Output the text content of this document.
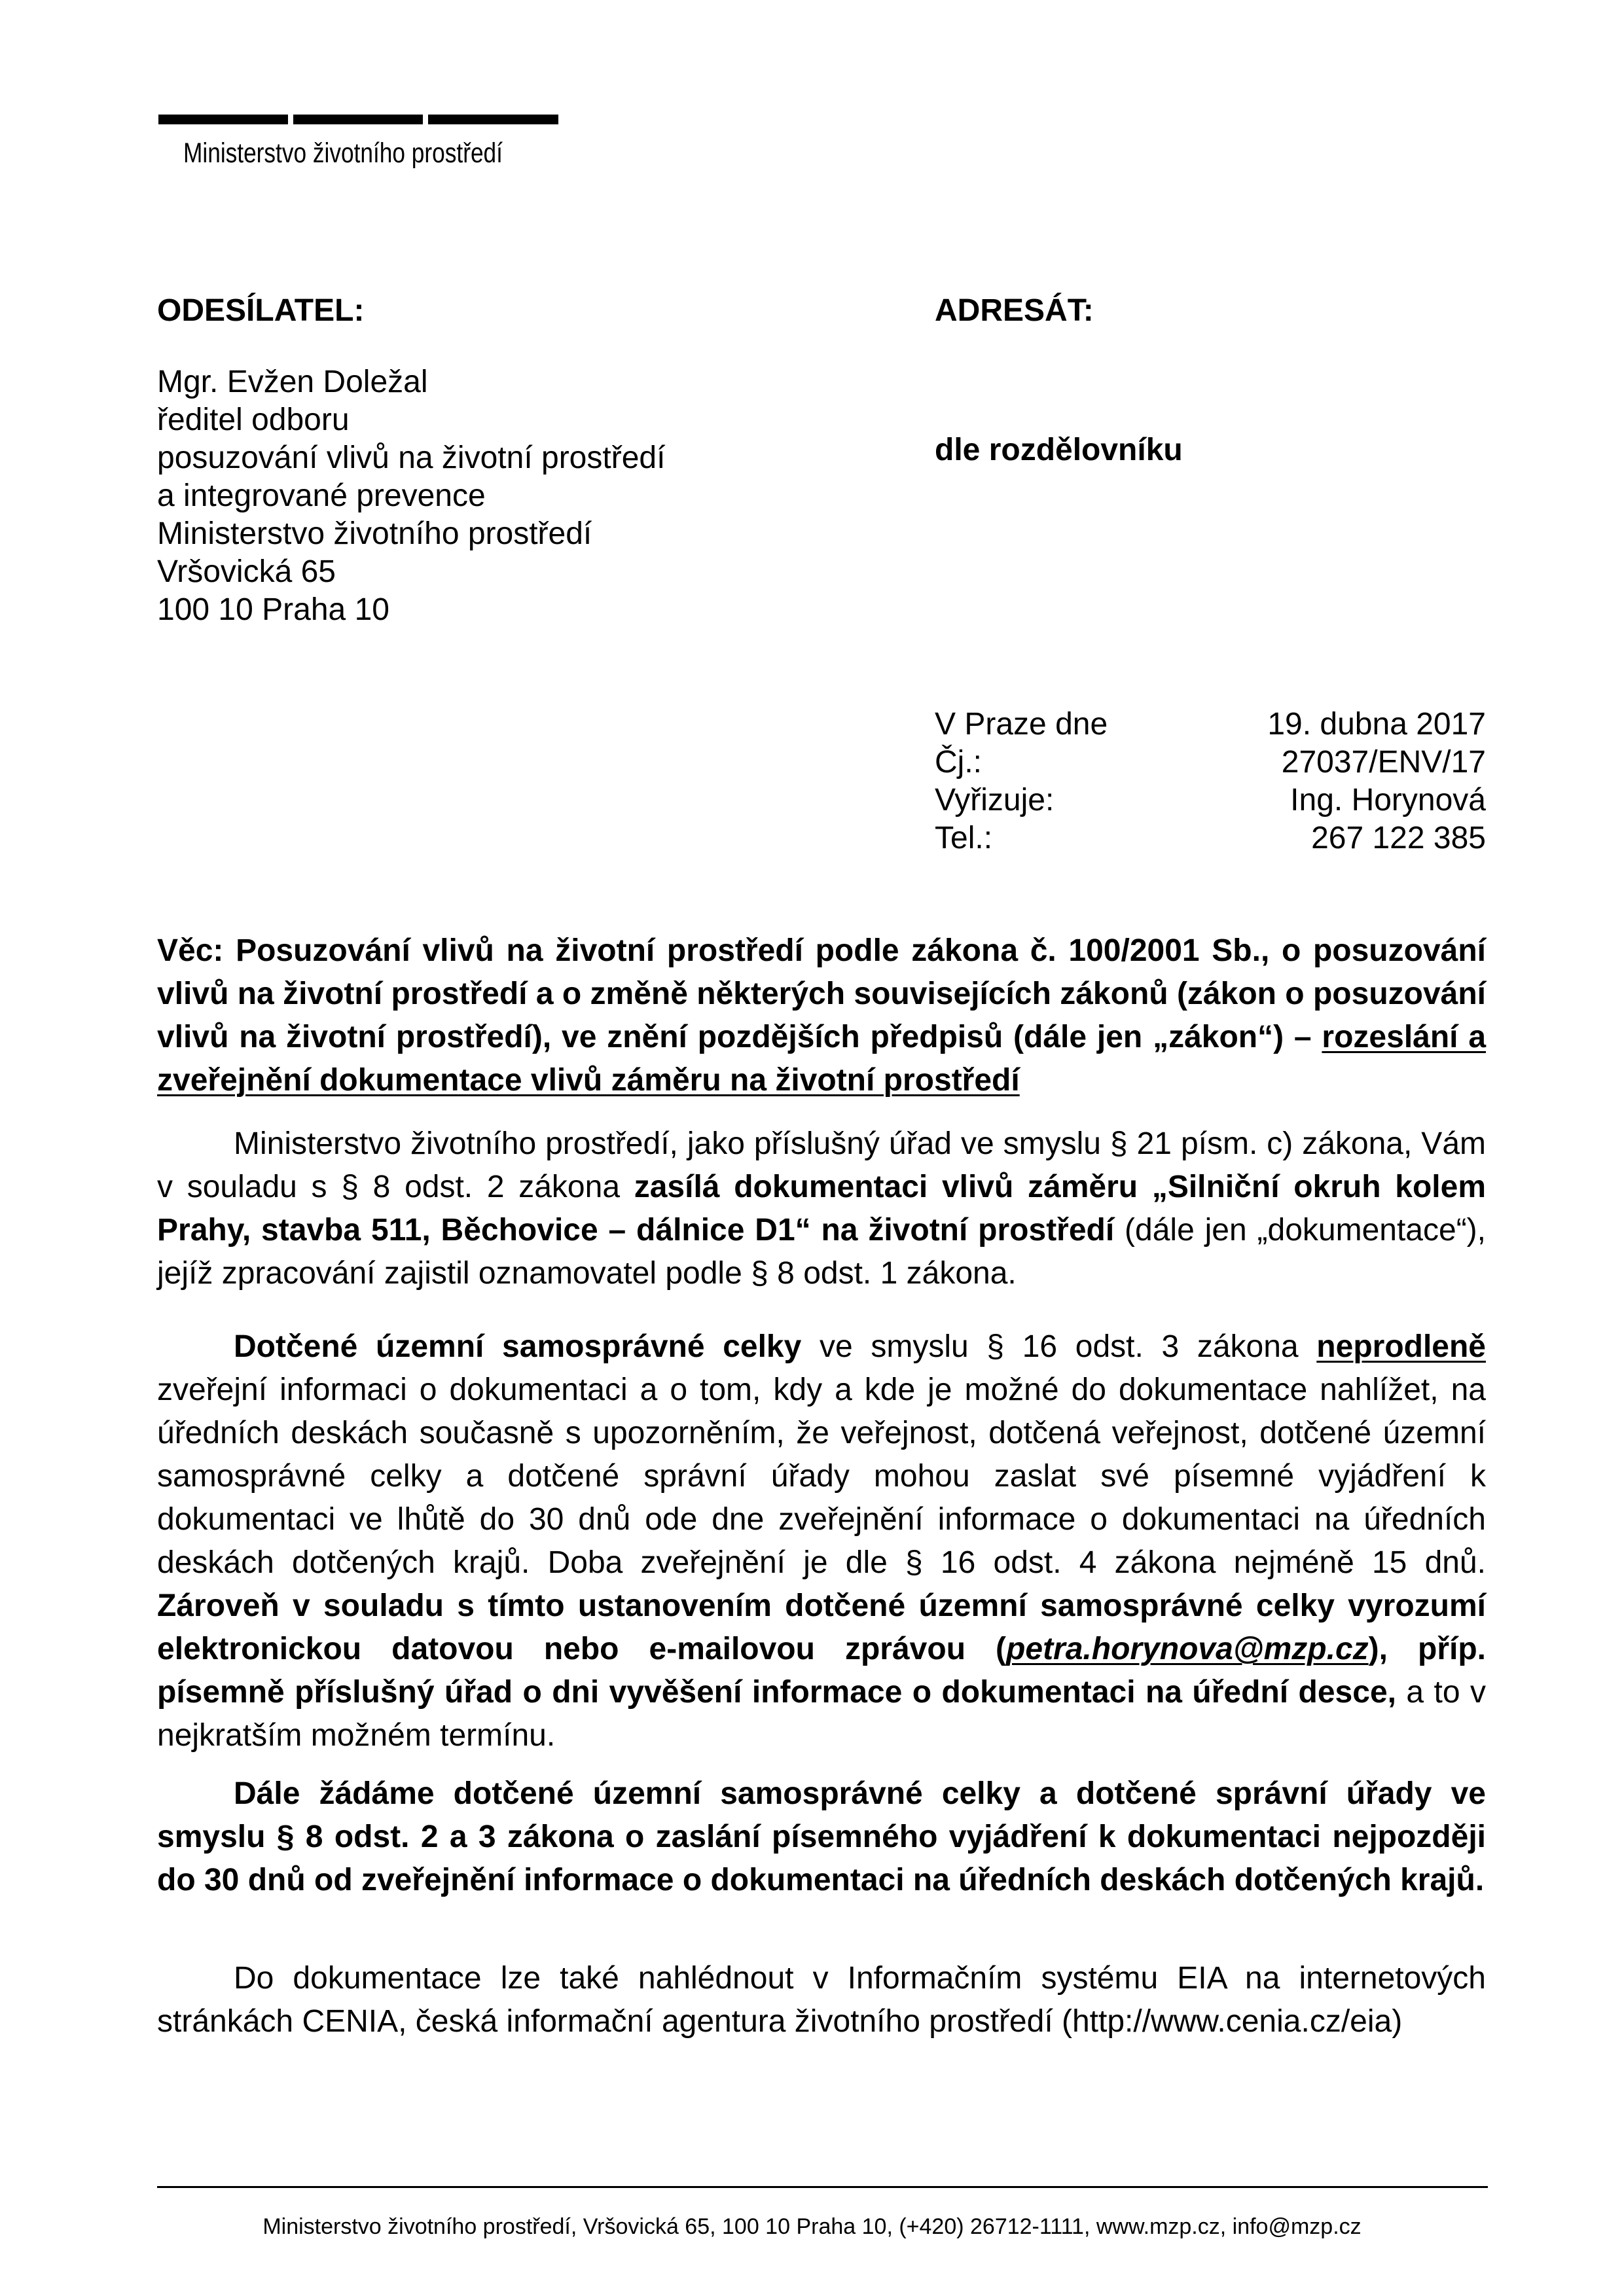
Ministerstvo životního prostředí
ODESÍLATEL:	ADRESÁT:
Mgr. Evžen Doležal
ředitel odboru
posuzování vlivů na životní prostředí
a integrované prevence
Ministerstvo životního prostředí
Vršovická 65
100 10 Praha 10
dle rozdělovníku
V Praze dne	19. dubna 2017
Čj.:	27037/ENV/17
Vyřizuje:	Ing. Horynová
Tel.:	267 122 385
Věc: Posuzování vlivů na životní prostředí podle zákona č. 100/2001 Sb., o posuzování vlivů na životní prostředí a o změně některých souvisejících zákonů (zákon o posuzování vlivů na životní prostředí), ve znění pozdějších předpisů (dále jen „zákon“) – rozeslání a zveřejnění dokumentace vlivů záměru na životní prostředí
Ministerstvo životního prostředí, jako příslušný úřad ve smyslu § 21 písm. c) zákona, Vám v souladu s § 8 odst. 2 zákona zasílá dokumentaci vlivů záměru „Silniční okruh kolem Prahy, stavba 511, Běchovice – dálnice D1“ na životní prostředí (dále jen „dokumentace“), jejíž zpracování zajistil oznamovatel podle § 8 odst. 1 zákona.
Dotčené územní samosprávné celky ve smyslu § 16 odst. 3 zákona neprodleně zveřejní informaci o dokumentaci a o tom, kdy a kde je možné do dokumentace nahlížet, na úředních deskách současně s upozorněním, že veřejnost, dotčená veřejnost, dotčené územní samosprávné celky a dotčené správní úřady mohou zaslat své písemné vyjádření k dokumentaci ve lhůtě do 30 dnů ode dne zveřejnění informace o dokumentaci na úředních deskách dotčených krajů. Doba zveřejnění je dle § 16 odst. 4 zákona nejméně 15 dnů. Zároveň v souladu s tímto ustanovením dotčené územní samosprávné celky vyrozumí elektronickou datovou nebo e-mailovou zprávou (petra.horynova@mzp.cz), příp. písemně příslušný úřad o dni vyvěšení informace o dokumentaci na úřední desce, a to v nejkratším možném termínu.
Dále žádáme dotčené územní samosprávné celky a dotčené správní úřady ve smyslu § 8 odst. 2 a 3 zákona o zaslání písemného vyjádření k dokumentaci nejpozději do 30 dnů od zveřejnění informace o dokumentaci na úředních deskách dotčených krajů.
Do dokumentace lze také nahlédnout v Informačním systému EIA na internetových stránkách CENIA, česká informační agentura životního prostředí (http://www.cenia.cz/eia)
Ministerstvo životního prostředí, Vršovická 65, 100 10 Praha 10, (+420) 26712-1111, www.mzp.cz, info@mzp.cz
